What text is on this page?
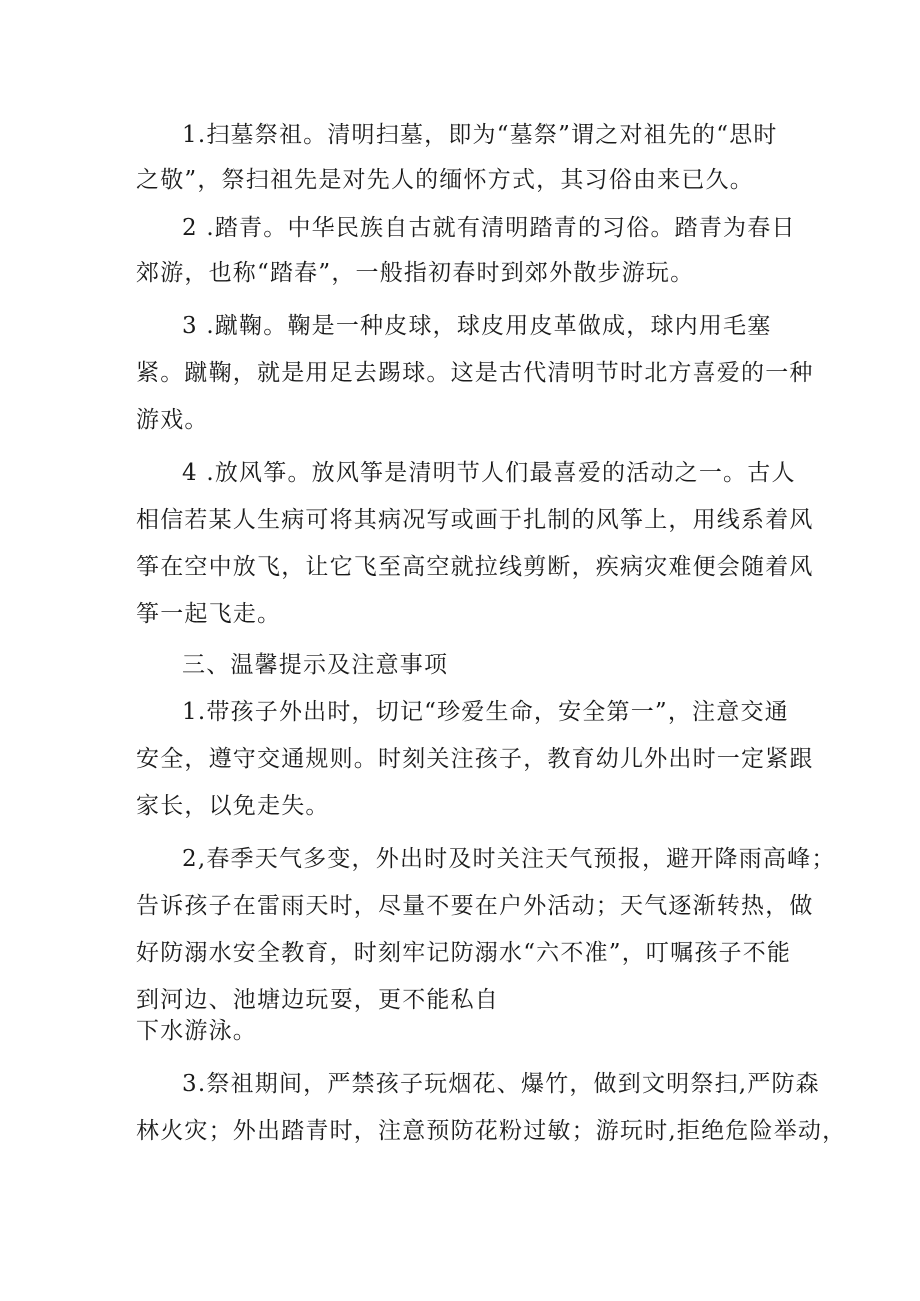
1.扫墓祭祖。清明扫墓，即为“墓祭”谓之对祖先的“思时
之敬”，祭扫祖先是对先人的缅怀方式，其习俗由来已久。
2 .踏青。中华民族自古就有清明踏青的习俗。踏青为春日
郊游，也称“踏春”，一般指初春时到郊外散步游玩。
3 .蹴鞠。鞠是一种皮球，球皮用皮革做成，球内用毛塞
紧。蹴鞠，就是用足去踢球。这是古代清明节时北方喜爱的一种
游戏。
4 .放风筝。放风筝是清明节人们最喜爱的活动之一。古人
相信若某人生病可将其病况写或画于扎制的风筝上，用线系着风
筝在空中放飞，让它飞至高空就拉线剪断，疾病灾难便会随着风
筝一起飞走。
三、温馨提示及注意事项
1.带孩子外出时，切记“珍爱生命，安全第一”，注意交通
安全，遵守交通规则。时刻关注孩子，教育幼儿外出时一定紧跟
家长，以免走失。
2,春季天气多变，外出时及时关注天气预报，避开降雨高峰；
告诉孩子在雷雨天时，尽量不要在户外活动；天气逐渐转热，做
好防溺水安全教育，时刻牢记防溺水“六不准”，叮嘱孩子不能
到河边、池塘边玩耍，更不能私自
下水游泳。
3.祭祖期间，严禁孩子玩烟花、爆竹，做到文明祭扫,严防森
林火灾；外出踏青时，注意预防花粉过敏；游玩时,拒绝危险举动，
